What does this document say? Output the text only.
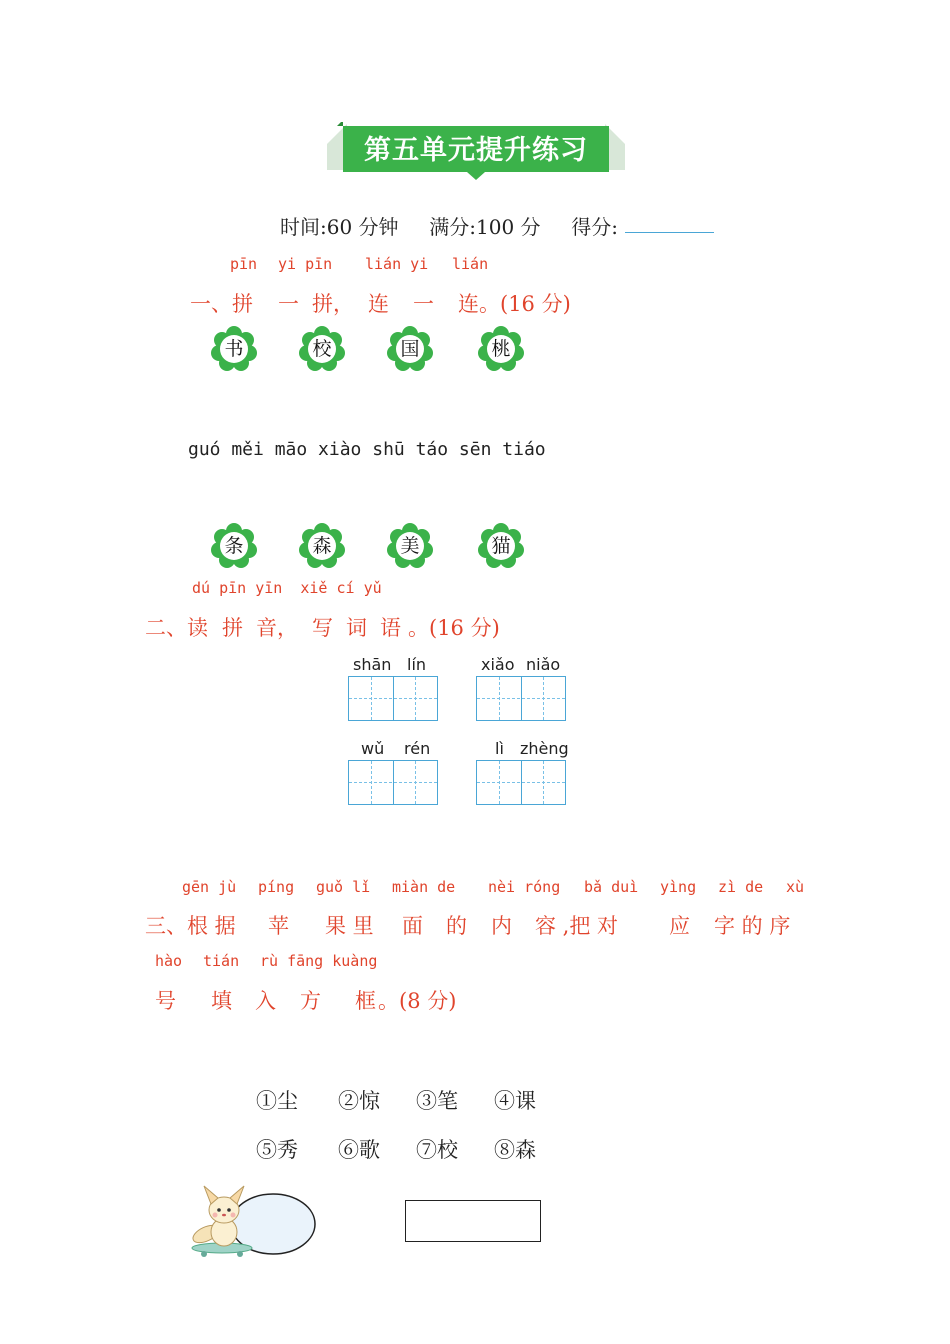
第五单元提升练习
时间:60 分钟 满分:100 分 得分:
pīn yi pīn lián yi lián
一、拼 一 拼， 连 一 连。(16 分)
书	校	国	桃
guó měi māo xiào shū táo sēn tiáo
条	森	美	猫
dú pīn yīn  xiě cí yǔ
二、读 拼 音， 写 词 语 。(16 分)
shān lín	xiǎo niǎo
wǔ rén	lì zhèng
gēn jù píng guǒ lǐ miàn de nèi róng bǎ duì yìng zì de xù
三、根 据 苹 果 里 面 的 内 容 ,把 对 应 字 的 序
hào tián rù fāng kuàng
号 填 入 方 框 。(8 分)
①尘 ②惊 ③笔 ④课
⑤秀 ⑥歌 ⑦校 ⑧森
